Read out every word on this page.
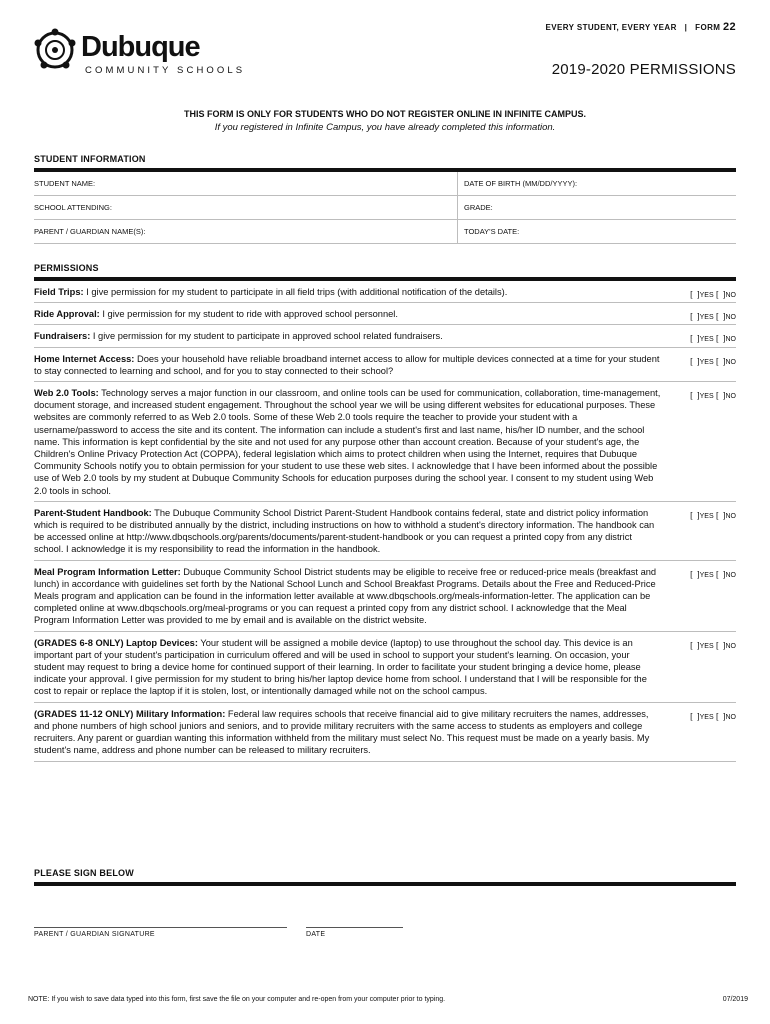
EVERY STUDENT, EVERY YEAR | FORM 22
Dubuque
COMMUNITY SCHOOLS	2019-2020 PERMISSIONS
THIS FORM IS ONLY FOR STUDENTS WHO DO NOT REGISTER ONLINE IN INFINITE CAMPUS.
If you registered in Infinite Campus, you have already completed this information.
STUDENT INFORMATION
STUDENT NAME:	DATE OF BIRTH (MM/DD/YYYY):
SCHOOL ATTENDING:	GRADE:
PARENT / GUARDIAN NAME(S):	TODAY'S DATE:
PERMISSIONS
Field Trips: I give permission for my student to participate in all field trips (with additional notification of the details).	[ ]YES [ ]NO
Ride Approval: I give permission for my student to ride with approved school personnel.	[ ]YES [ ]NO
Fundraisers: I give permission for my student to participate in approved school related fundraisers.	[ ]YES [ ]NO
Home Internet Access: Does your household have reliable broadband internet access to allow for multiple devices connected at a time for your student to stay connected to learning and school, and for you to stay connected to their school?
[ ]YES [ ]NO
Web 2.0 Tools: Technology serves a major function in our classroom, and online tools can be used for communication, collaboration, time-management, document storage, and increased student engagement. Throughout the school year we will be using different websites for educational purposes. These websites are commonly referred to as Web 2.0 tools. Some of these Web 2.0 tools require the teacher to provide your student with a username/password to access the site and its content. The information can include a student's first and last name, his/her ID number, and the school name. This information is kept confidential by the site and not used for any purpose other than account creation. Because of your student's age, the Children's Online Privacy Protection Act (COPPA), federal legislation which aims to protect children when using the Internet, requires that Dubuque Community Schools notify you to obtain permission for your student to use these web sites. I acknowledge that I have been informed about the possible use of Web 2.0 tools by my student at Dubuque Community Schools for education purposes during the school year. I consent to my student using Web 2.0 tools in school.
[ ]YES [ ]NO
Parent-Student Handbook: The Dubuque Community School District Parent-Student Handbook contains federal, state and district policy information which is required to be distributed annually by the district, including instructions on how to withhold a student's directory information. The handbook can be accessed online at http://www.dbqschools.org/parents/documents/parent-student-handbook or you can request a printed copy from any district school. I acknowledge it is my responsibility to read the information in the handbook.
[ ]YES [ ]NO
Meal Program Information Letter: Dubuque Community School District students may be eligible to receive free or reduced-price meals (breakfast and lunch) in accordance with guidelines set forth by the National School Lunch and School Breakfast Programs. Details about the Free and Reduced-Price Meals program and application can be found in the information letter available at www.dbqschools.org/meals-information-letter. The application can be completed online at www.dbqschools.org/meal-programs or you can request a printed copy from any district school. I acknowledge that the Meal Program Information Letter was provided to me by email and is available on the district website.
[ ]YES [ ]NO
(GRADES 6-8 ONLY) Laptop Devices: Your student will be assigned a mobile device (laptop) to use throughout the school day. This device is an important part of your student's participation in curriculum offered and will be used in school to support your student's learning. On occasion, your student may request to bring a device home for continued support of their learning. In order to facilitate your student bringing a device home, please indicate your approval. I give permission for my student to bring his/her laptop device home from school. I understand that I will be responsible for the cost to repair or replace the laptop if it is stolen, lost, or intentionally damaged while not on the school campus.
[ ]YES [ ]NO
(GRADES 11-12 ONLY) Military Information: Federal law requires schools that receive financial aid to give military recruiters the names, addresses, and phone numbers of high school juniors and seniors, and to provide military recruiters with the same access to students as employers and college recruiters. Any parent or guardian wanting this information withheld from the military must select No. This request must be made on a yearly basis. My student's name, address and phone number can be released to military recruiters.
[ ]YES [ ]NO
PLEASE SIGN BELOW
PARENT / GUARDIAN SIGNATURE	DATE
NOTE: If you wish to save data typed into this form, first save the file on your computer and re-open from your computer prior to typing.	07/2019
